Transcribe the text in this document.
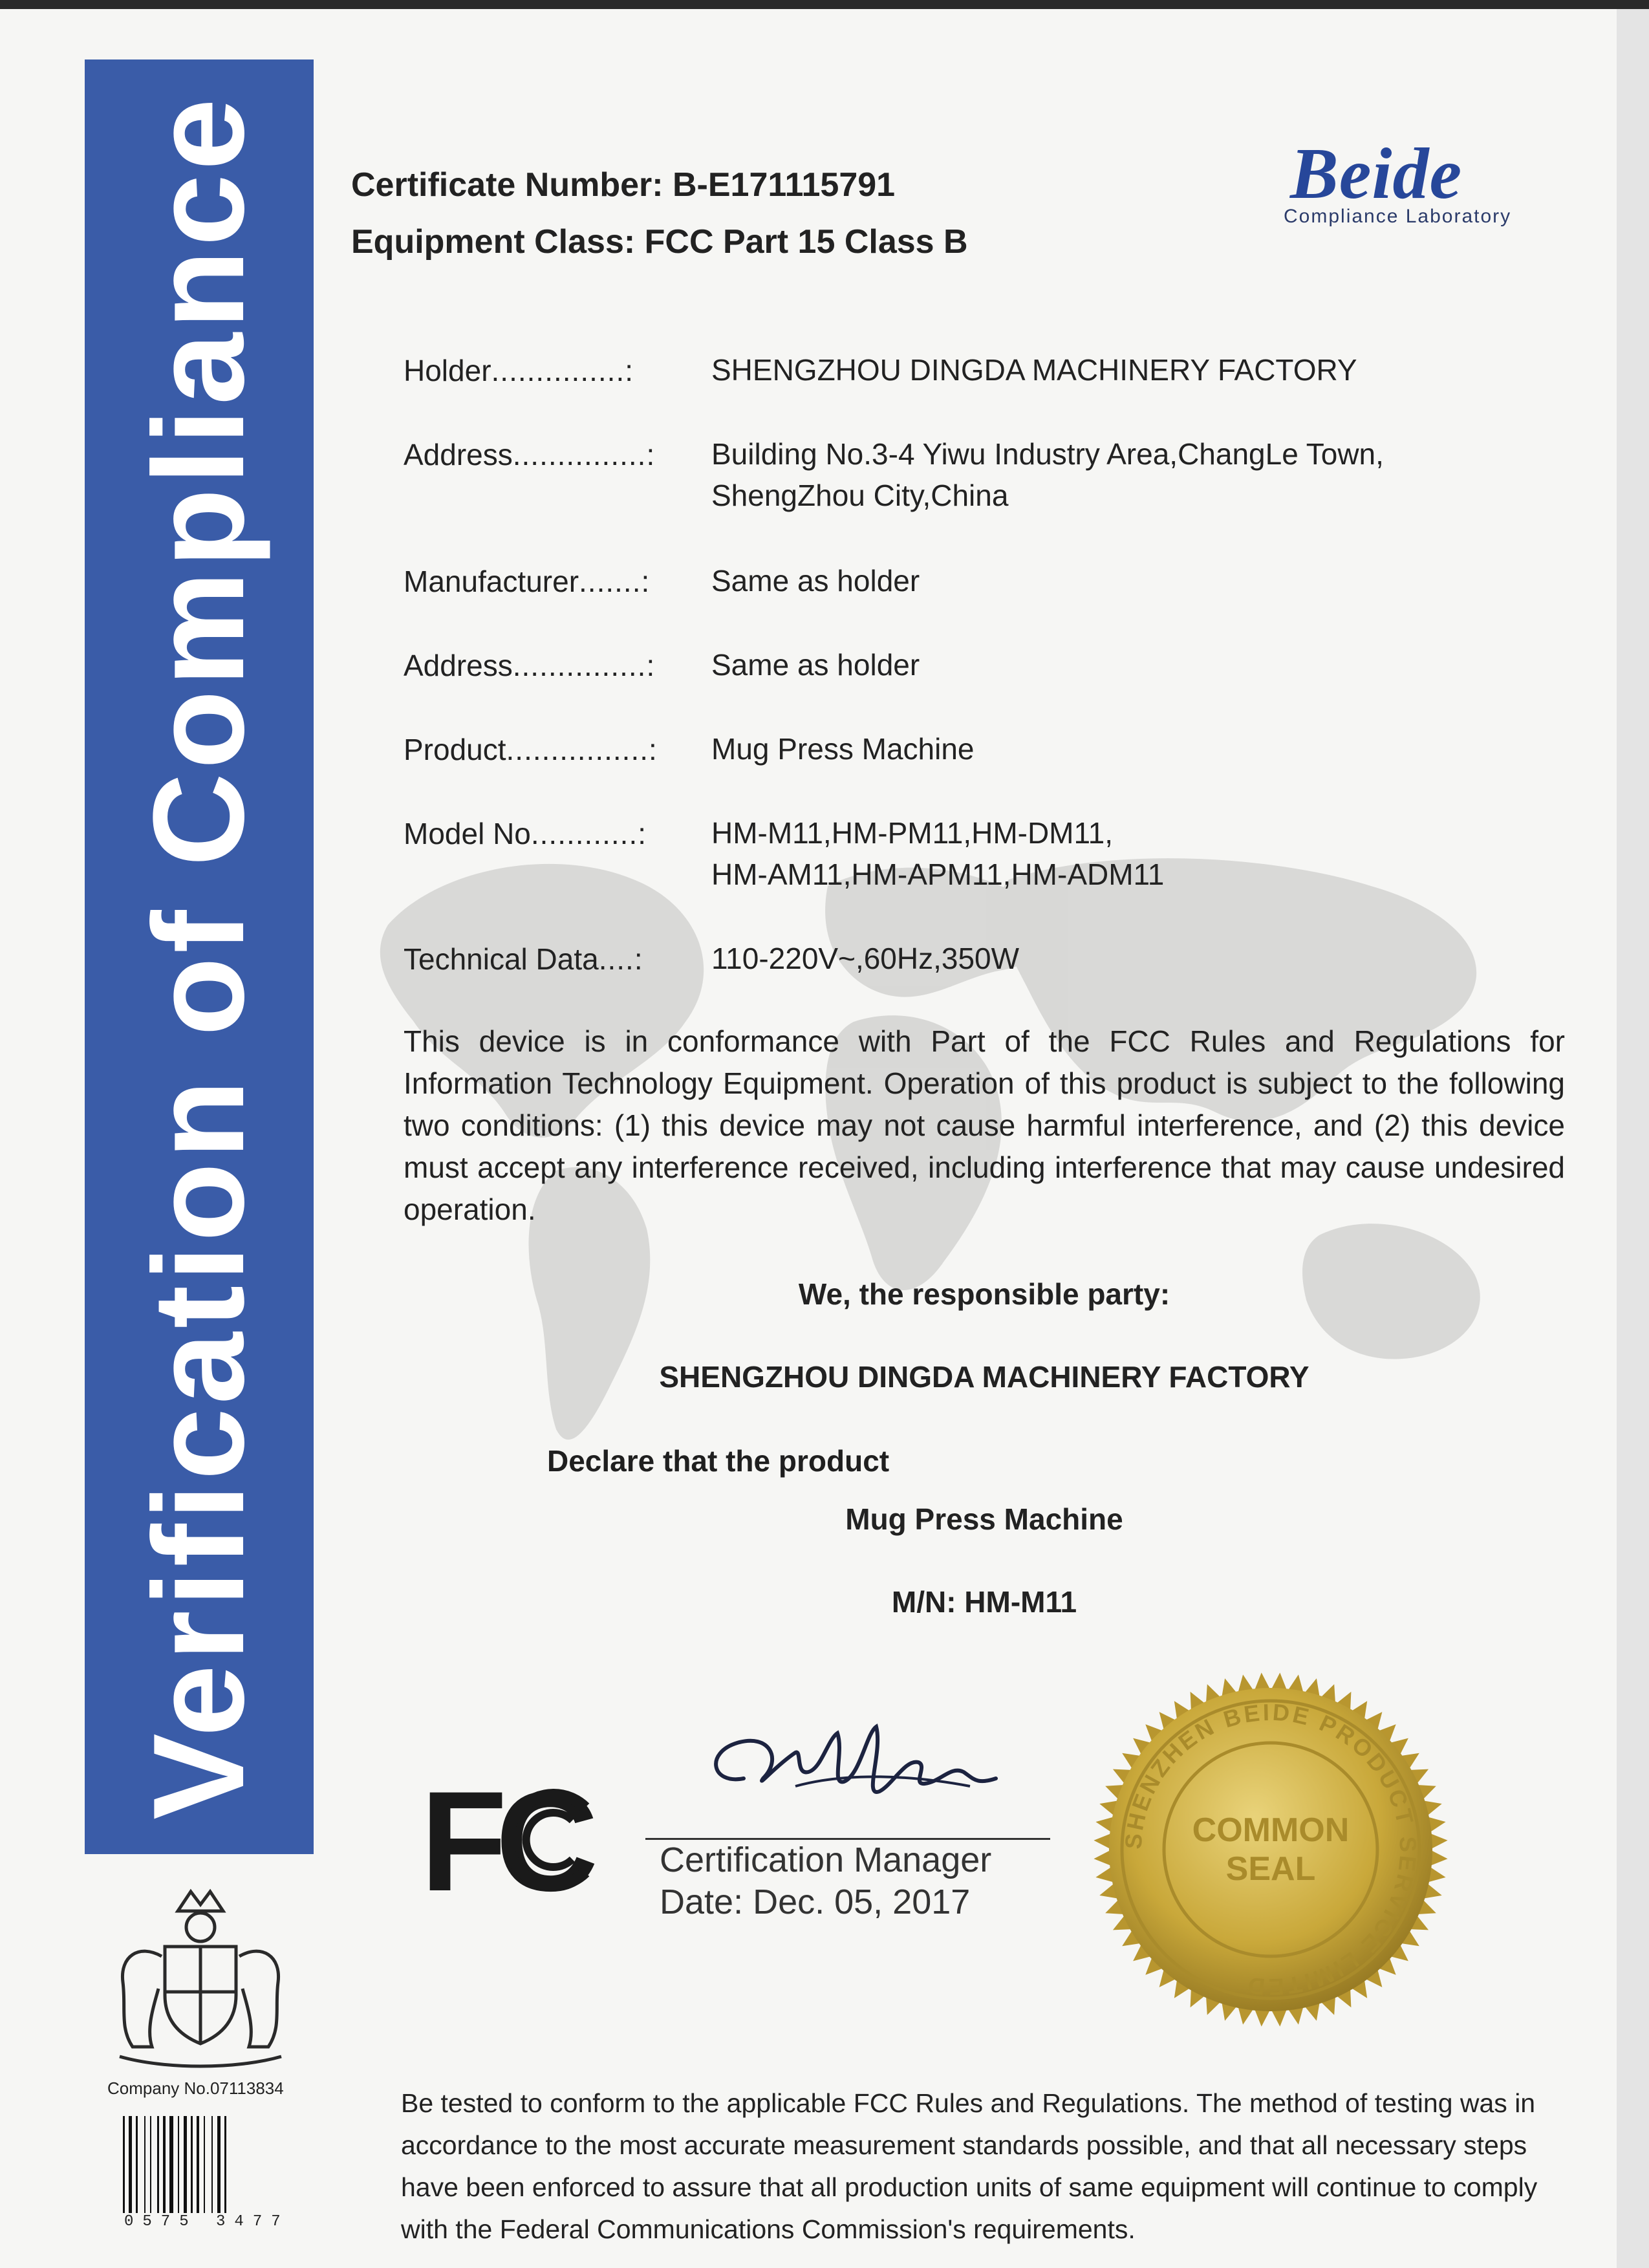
Verification of Compliance Certificate Number: B-E171115791
Equipment Class: FCC Part 15 Class B
Beide
Compliance Laboratory
Holder...............:	SHENGZHOU DINGDA MACHINERY FACTORY
Address...............: Building No.3-4 Yiwu Industry Area,ChangLe Town,
ShengZhou City,China
Manufacturer.......: Same as holder
Address...............: Same as holder
Product................: Mug Press Machine
Model No............: HM-M11,HM-PM11,HM-DM11,
HM-AM11,HM-APM11,HM-ADM11
Technical Data....: 110-220V~,60Hz,350W
This device is in conformance with Part of the FCC Rules and Regulations for Information Technology Equipment. Operation of this product is subject to the following two conditions: (1) this device may not cause harmful interference, and (2) this device must accept any interference received, including interference that may cause undesired operation.
We, the responsible party:
SHENGZHOU DINGDA MACHINERY FACTORY
Declare that the product
Mug Press Machine
M/N: HM-M11
FC Certification Manager
Date: Dec. 05, 2017
SHENZHEN BEIDE PRODUCT SERVICE LIMITED
COMMON
SEAL
Company No.07113834
0575 3477
Be tested to conform to the applicable FCC Rules and Regulations. The method of testing was in accordance to the most accurate measurement standards possible, and that all necessary steps have been enforced to assure that all production units of same equipment will continue to comply with the Federal Communications Commission's requirements.
